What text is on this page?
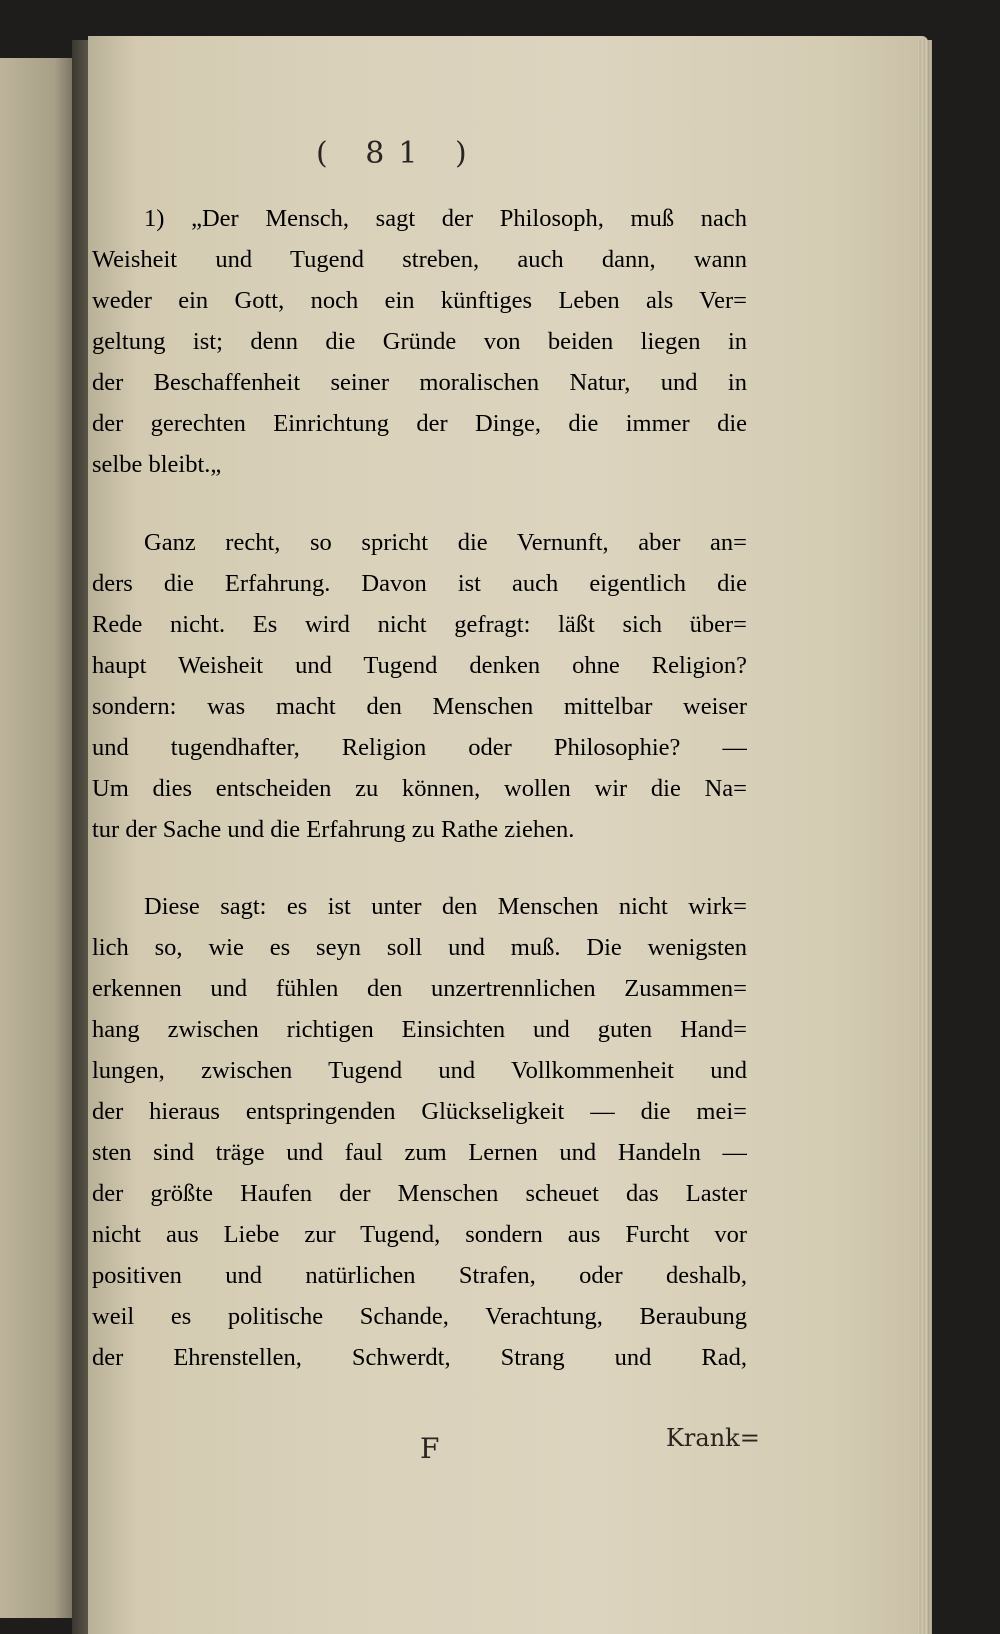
( 81 )

1) „Der Mensch, sagt der Philosoph, muß nach
Weisheit und Tugend streben, auch dann, wann
weder ein Gott, noch ein künftiges Leben als Ver=
geltung ist; denn die Gründe von beiden liegen in
der Beschaffenheit seiner moralischen Natur, und in
der gerechten Einrichtung der Dinge, die immer die
selbe bleibt.„
Ganz recht, so spricht die Vernunft, aber an=
ders die Erfahrung. Davon ist auch eigentlich die
Rede nicht. Es wird nicht gefragt: läßt sich über=
haupt Weisheit und Tugend denken ohne Religion?
sondern: was macht den Menschen mittelbar weiser
und tugendhafter, Religion oder Philosophie? —
Um dies entscheiden zu können, wollen wir die Na=
tur der Sache und die Erfahrung zu Rathe ziehen.
Diese sagt: es ist unter den Menschen nicht wirk=
lich so, wie es seyn soll und muß. Die wenigsten
erkennen und fühlen den unzertrennlichen Zusammen=
hang zwischen richtigen Einsichten und guten Hand=
lungen, zwischen Tugend und Vollkommenheit und
der hieraus entspringenden Glückseligkeit — die mei=
sten sind träge und faul zum Lernen und Handeln —
der größte Haufen der Menschen scheuet das Laster
nicht aus Liebe zur Tugend, sondern aus Furcht vor
positiven und natürlichen Strafen, oder deshalb,
weil es politische Schande, Verachtung, Beraubung
der Ehrenstellen, Schwerdt, Strang und Rad,

F	Krank=
